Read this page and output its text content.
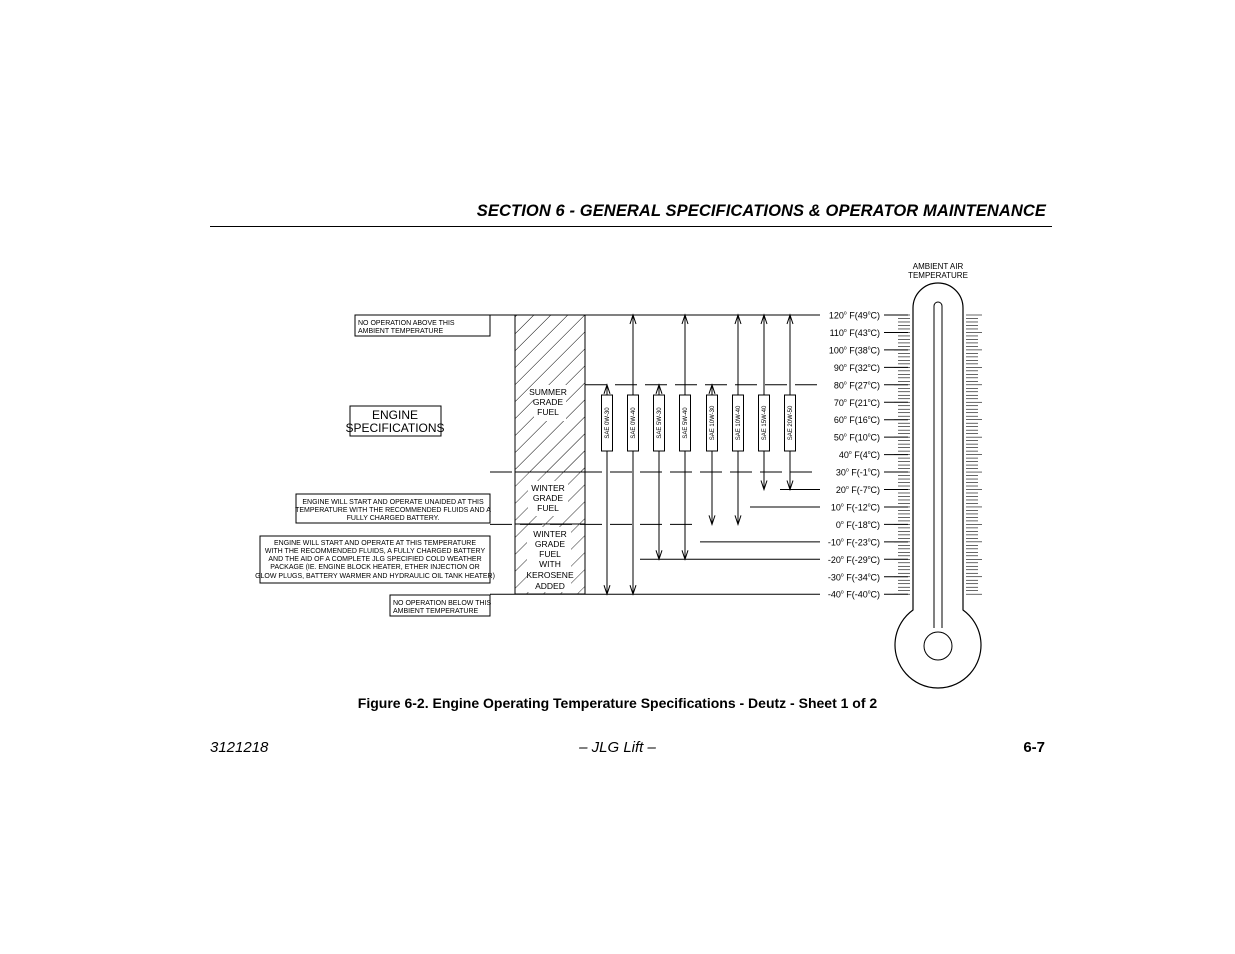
SECTION 6 - GENERAL SPECIFICATIONS & OPERATOR MAINTENANCE
ENGINE
SPECIFICATIONS
NO OPERATION ABOVE THIS
AMBIENT TEMPERATURE
ENGINE WILL START AND OPERATE UNAIDED AT THIS
TEMPERATURE WITH THE RECOMMENDED FLUIDS AND A
FULLY CHARGED BATTERY.
ENGINE WILL START AND OPERATE AT THIS TEMPERATURE
WITH THE RECOMMENDED FLUIDS, A FULLY CHARGED BATTERY
AND THE AID OF A COMPLETE JLG SPECIFIED COLD WEATHER
PACKAGE (IE. ENGINE BLOCK HEATER, ETHER INJECTION OR
GLOW PLUGS, BATTERY WARMER AND HYDRAULIC OIL TANK HEATER)
NO OPERATION BELOW THIS
AMBIENT TEMPERATURE
SUMMER
GRADE
FUEL
WINTER
GRADE
FUEL
WINTER
GRADE
FUEL
WITH
KEROSENE
ADDED
SAE 0W-30	SAE 0W-40	SAE 5W-30	SAE 5W-40	SAE 10W-30	SAE 10W-40	SAE 15W-40	SAE 20W-50
120$^o$ F(49$^o$C)
110$^o$ F(43$^o$C)
100$^o$ F(38$^o$C)
90$^o$ F(32$^o$C)
80$^o$ F(27$^o$C)
70$^o$ F(21$^o$C)
60$^o$ F(16$^o$C)
50$^o$ F(10$^o$C)
40$^o$ F(4$^o$C)
30$^o$ F(-1$^o$C)
20$^o$ F(-7$^o$C)
10$^o$ F(-12$^o$C)
0$^o$ F(-18$^o$C)
-10$^o$ F(-23$^o$C)
-20$^o$ F(-29$^o$C)
-30$^o$ F(-34$^o$C)
-40$^o$ F(-40$^o$C)
AMBIENT AIR
TEMPERATURE
Figure 6-2. Engine Operating Temperature Specifications - Deutz - Sheet 1 of 2
3121218	– JLG Lift –	6-7
